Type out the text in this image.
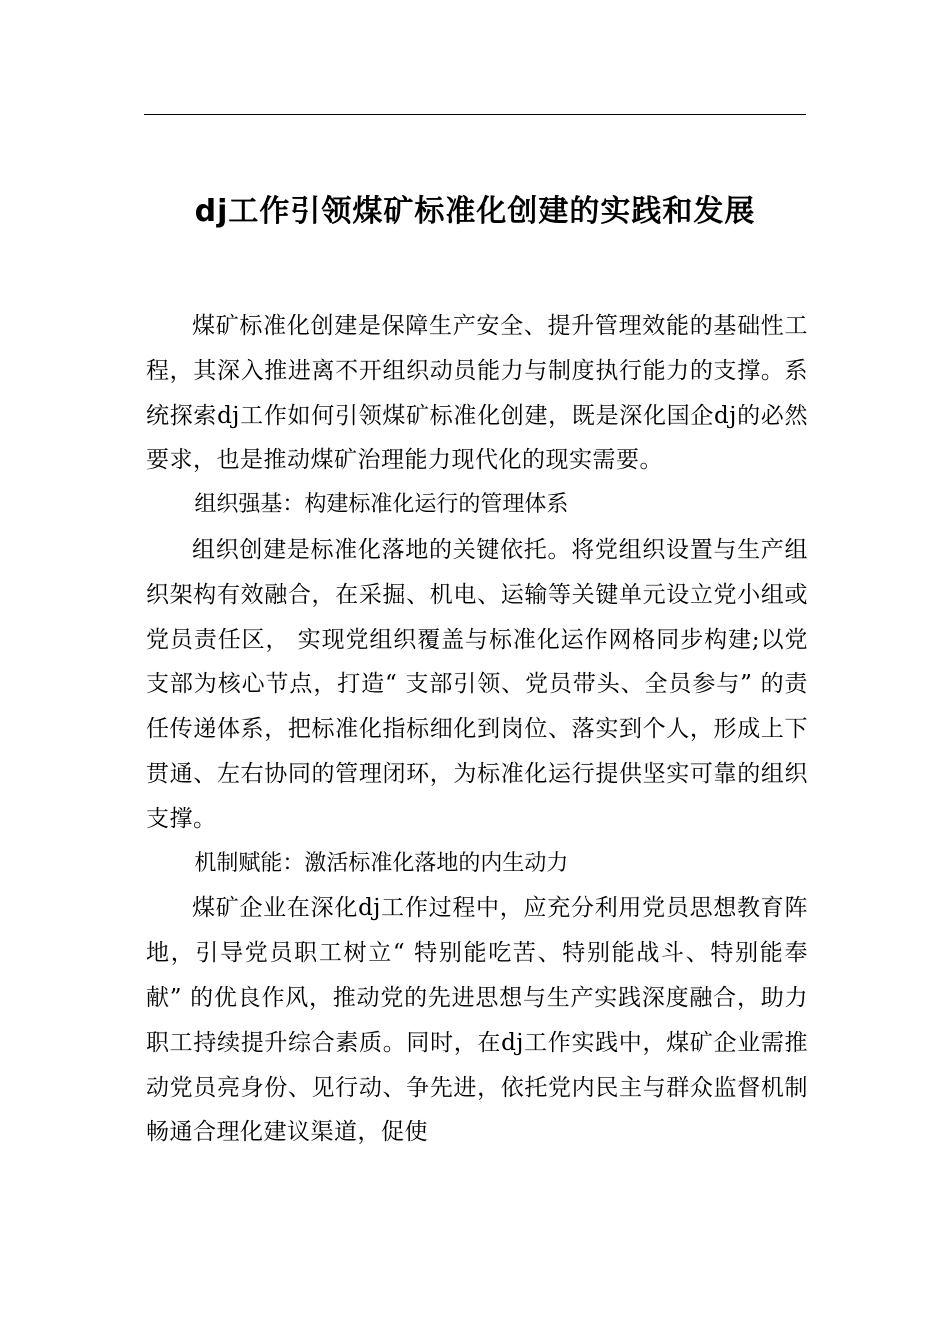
dj工作引领煤矿标准化创建的实践和发展

煤矿标准化创建是保障生产安全、提升管理效能的基础性工程，其深入推进离不开组织动员能力与制度执行能力的支撑。系统探索dj工作如何引领煤矿标准化创建，既是深化国企dj的必然要求，也是推动煤矿治理能力现代化的现实需要。

组织强基：构建标准化运行的管理体系

组织创建是标准化落地的关键依托。将党组织设置与生产组织架构有效融合，在采掘、机电、运输等关键单元设立党小组或党员责任区， 实现党组织覆盖与标准化运作网格同步构建;以党支部为核心节点，打造“ 支部引领、党员带头、全员参与” 的责任传递体系，把标准化指标细化到岗位、落实到个人，形成上下贯通、左右协同的管理闭环，为标准化运行提供坚实可靠的组织支撑。

机制赋能：激活标准化落地的内生动力

煤矿企业在深化dj工作过程中，应充分利用党员思想教育阵地，引导党员职工树立“ 特别能吃苦、特别能战斗、特别能奉献” 的优良作风，推动党的先进思想与生产实践深度融合，助力职工持续提升综合素质。同时，在dj工作实践中，煤矿企业需推动党员亮身份、见行动、争先进，依托党内民主与群众监督机制畅通合理化建议渠道，促使
